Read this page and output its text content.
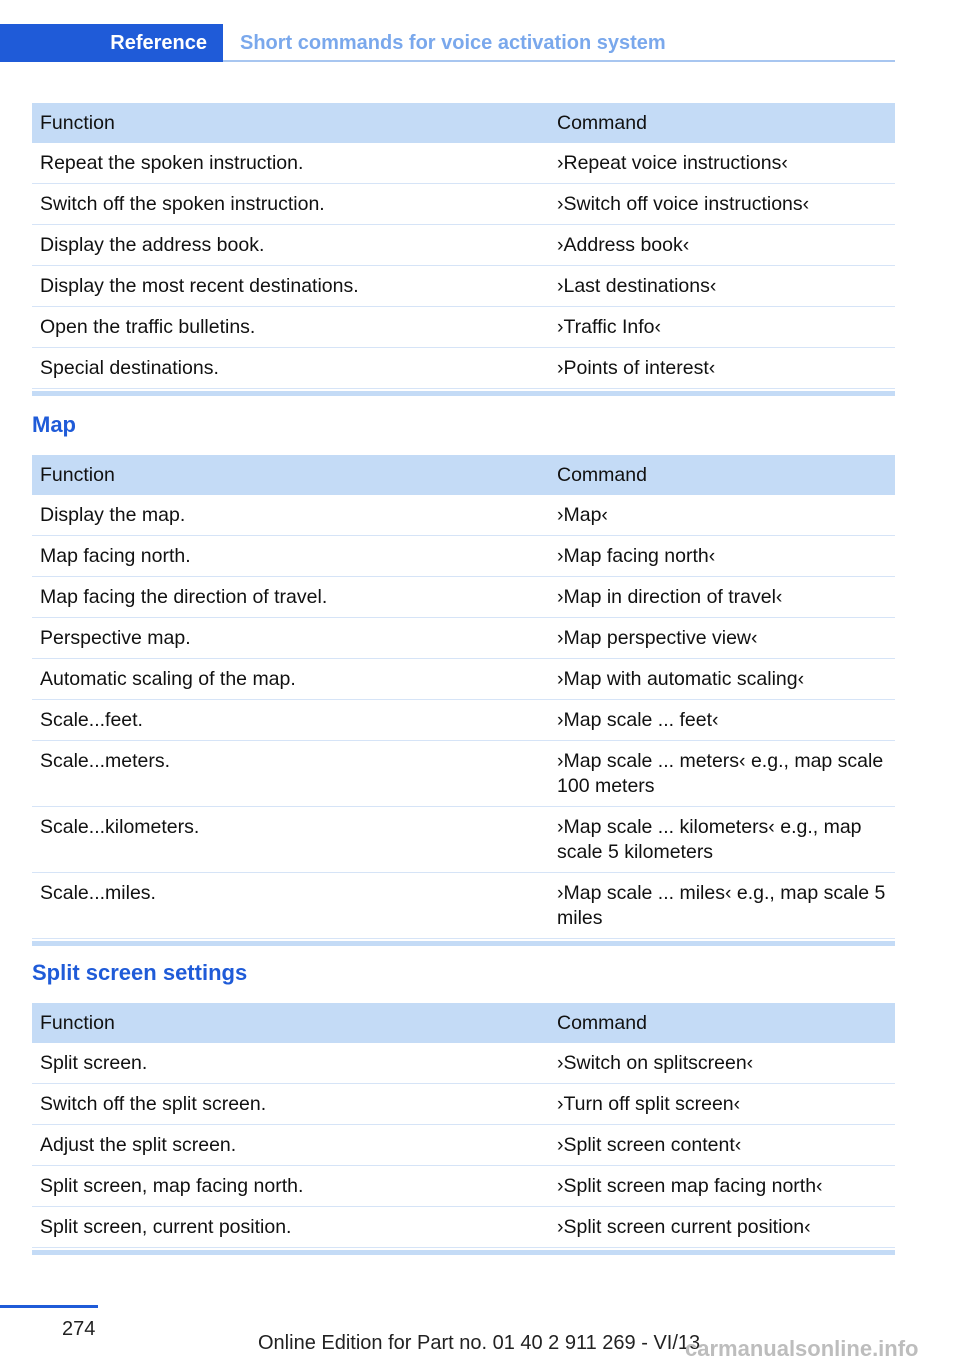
Reference	Short commands for voice activation system
Function	Command
Repeat the spoken instruction.	›Repeat voice instructions‹
Switch off the spoken instruction.	›Switch off voice instructions‹
Display the address book.	›Address book‹
Display the most recent destinations.	›Last destinations‹
Open the traffic bulletins.	›Traffic Info‹
Special destinations.	›Points of interest‹
Map
Function	Command
Display the map.	›Map‹
Map facing north.	›Map facing north‹
Map facing the direction of travel.	›Map in direction of travel‹
Perspective map.	›Map perspective view‹
Automatic scaling of the map.	›Map with automatic scaling‹
Scale...feet.	›Map scale ... feet‹
Scale...meters.	›Map scale ... meters‹ e.g., map scale 100 meters
Scale...kilometers.	›Map scale ... kilometers‹ e.g., map scale 5 kilometers
Scale...miles.	›Map scale ... miles‹ e.g., map scale 5 miles
Split screen settings
Function	Command
Split screen.	›Switch on splitscreen‹
Switch off the split screen.	›Turn off split screen‹
Adjust the split screen.	›Split screen content‹
Split screen, map facing north.	›Split screen map facing north‹
Split screen, current position.	›Split screen current position‹
274
Online Edition for Part no. 01 40 2 911 269 - VI/13
carmanualsonline.info
